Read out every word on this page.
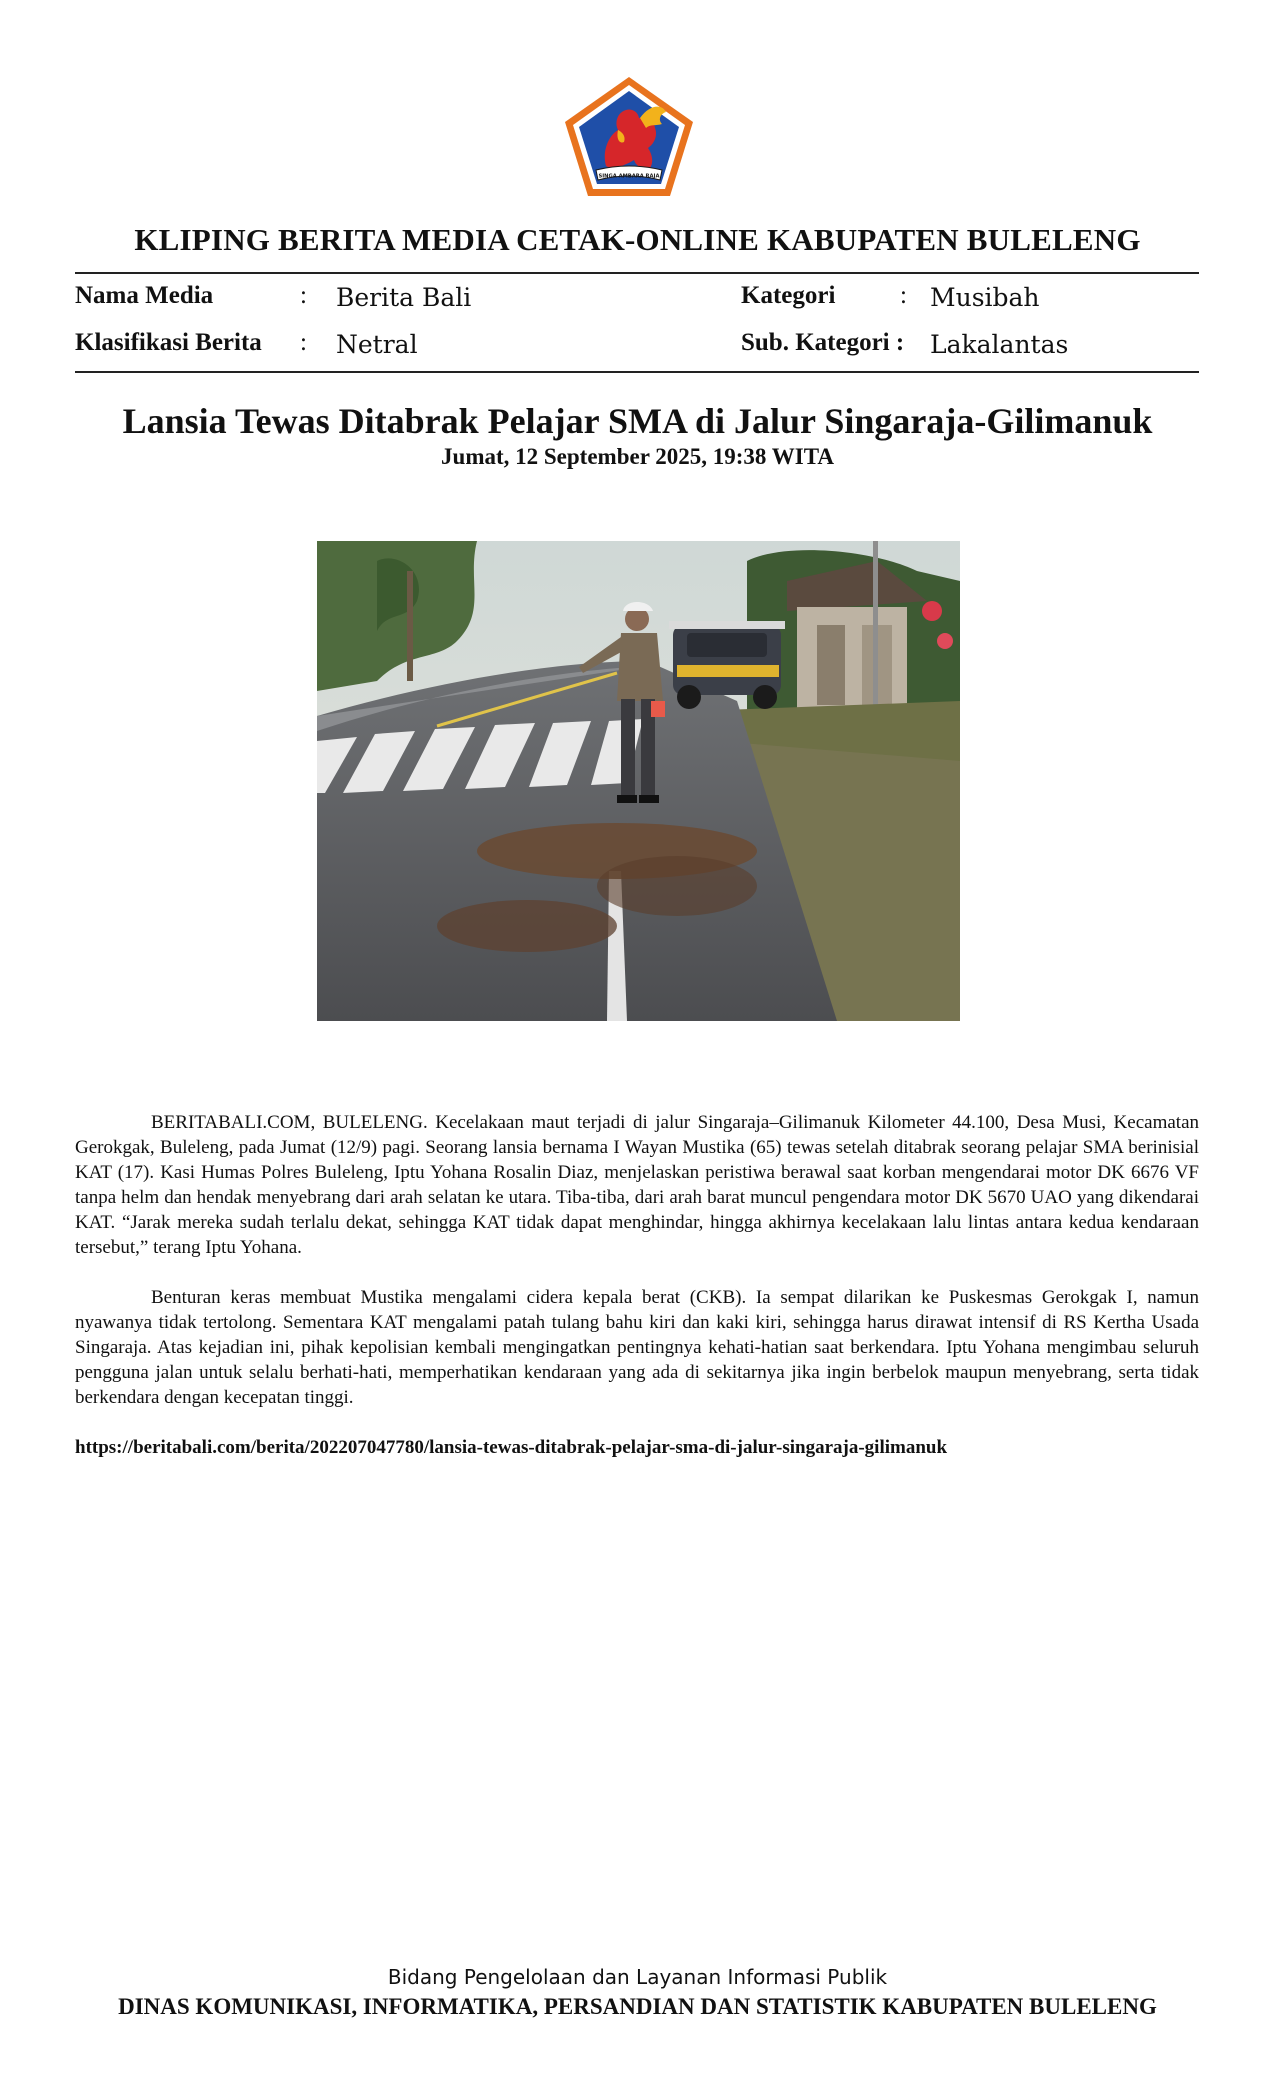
SINGA AMBARA RAJA
KLIPING BERITA MEDIA CETAK-ONLINE KABUPATEN BULELENG
Nama Media	: Berita Bali	Kategori	: Musibah
Klasifikasi Berita : Netral	Sub. Kategori : Lakalantas
Lansia Tewas Ditabrak Pelajar SMA di Jalur Singaraja-Gilimanuk
Jumat, 12 September 2025, 19:38 WITA

BERITABALI.COM, BULELENG. Kecelakaan maut terjadi di jalur Singaraja–Gilimanuk Kilometer 44.100, Desa Musi, Kecamatan Gerokgak, Buleleng, pada Jumat (12/9) pagi. Seorang lansia bernama I Wayan Mustika (65) tewas setelah ditabrak seorang pelajar SMA berinisial KAT (17). Kasi Humas Polres Buleleng, Iptu Yohana Rosalin Diaz, menjelaskan peristiwa berawal saat korban mengendarai motor DK 6676 VF tanpa helm dan hendak menyebrang dari arah selatan ke utara. Tiba-tiba, dari arah barat muncul pengendara motor DK 5670 UAO yang dikendarai KAT. “Jarak mereka sudah terlalu dekat, sehingga KAT tidak dapat menghindar, hingga akhirnya kecelakaan lalu lintas antara kedua kendaraan tersebut,” terang Iptu Yohana.

Benturan keras membuat Mustika mengalami cidera kepala berat (CKB). Ia sempat dilarikan ke Puskesmas Gerokgak I, namun nyawanya tidak tertolong. Sementara KAT mengalami patah tulang bahu kiri dan kaki kiri, sehingga harus dirawat intensif di RS Kertha Usada Singaraja. Atas kejadian ini, pihak kepolisian kembali mengingatkan pentingnya kehati-hatian saat berkendara. Iptu Yohana mengimbau seluruh pengguna jalan untuk selalu berhati-hati, memperhatikan kendaraan yang ada di sekitarnya jika ingin berbelok maupun menyebrang, serta tidak berkendara dengan kecepatan tinggi.

https://beritabali.com/berita/202207047780/lansia-tewas-ditabrak-pelajar-sma-di-jalur-singaraja-gilimanuk
Bidang Pengelolaan dan Layanan Informasi Publik
DINAS KOMUNIKASI, INFORMATIKA, PERSANDIAN DAN STATISTIK KABUPATEN BULELENG
